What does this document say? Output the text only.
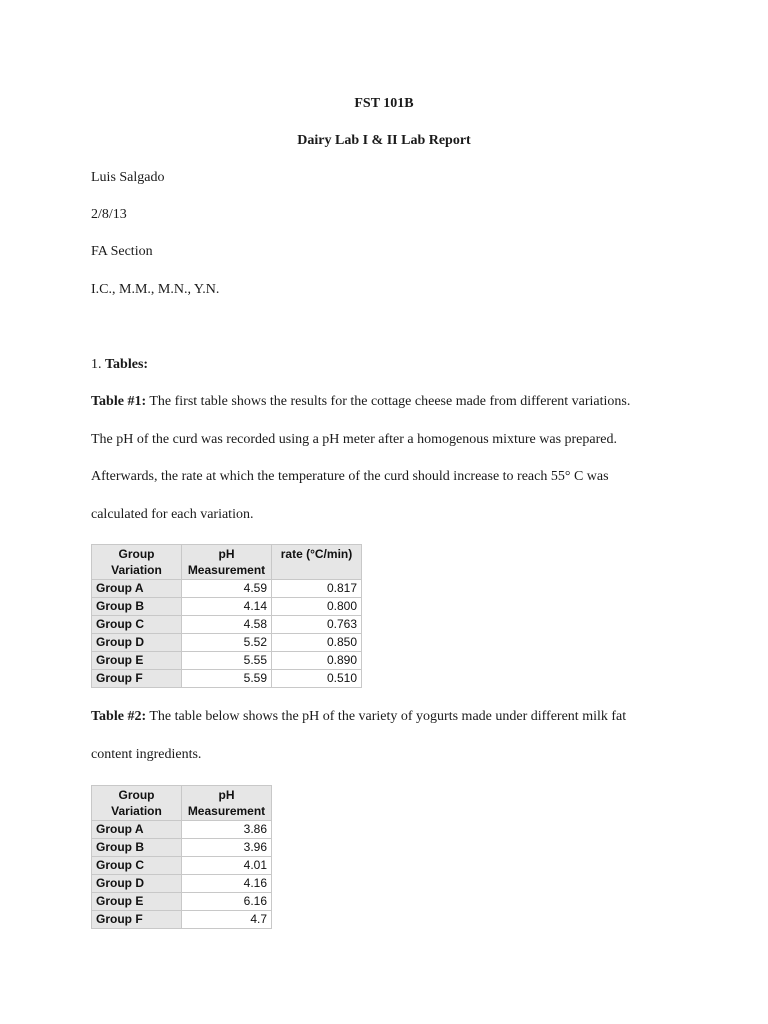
FST 101B
Dairy Lab I & II Lab Report
Luis Salgado
2/8/13
FA Section
I.C., M.M., M.N., Y.N.
1. Tables:
Table #1: The first table shows the results for the cottage cheese made from different variations.
The pH of the curd was recorded using a pH meter after a homogenous mixture was prepared.
Afterwards, the rate at which the temperature of the curd should increase to reach 55° C was
calculated for each variation.
Group Variation	pH Measurement	rate (°C/min)
Group A	4.59	0.817
Group B	4.14	0.800
Group C	4.58	0.763
Group D	5.52	0.850
Group E	5.55	0.890
Group F	5.59	0.510
Table #2: The table below shows the pH of the variety of yogurts made under different milk fat
content ingredients.
Group Variation	pH Measurement
Group A	3.86
Group B	3.96
Group C	4.01
Group D	4.16
Group E	6.16
Group F	4.7
